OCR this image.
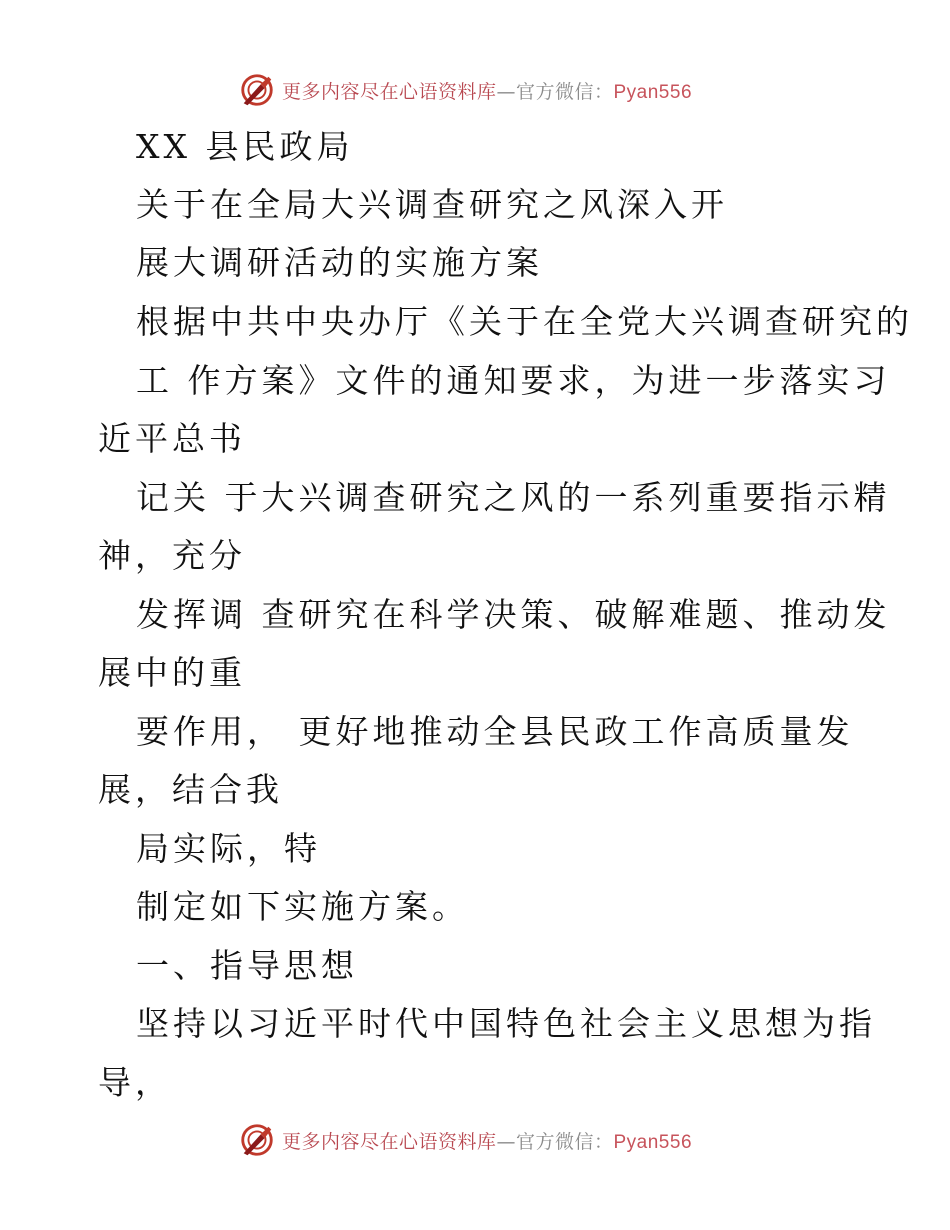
更多内容尽在心语资料库—官方微信：Pyan556
XX 县民政局
关于在全局大兴调查研究之风深入开
展大调研活动的实施方案
根据中共中央办厅《关于在全党大兴调查研究的
工 作方案》文件的通知要求，为进一步落实习
近平总书
记关 于大兴调查研究之风的一系列重要指示精
神，充分
发挥调 查研究在科学决策、破解难题、推动发
展中的重
要作用， 更好地推动全县民政工作高质量发
展，结合我
局实际，特
制定如下实施方案。
一、指导思想
坚持以习近平时代中国特色社会主义思想为指
导，
更多内容尽在心语资料库—官方微信：Pyan556
